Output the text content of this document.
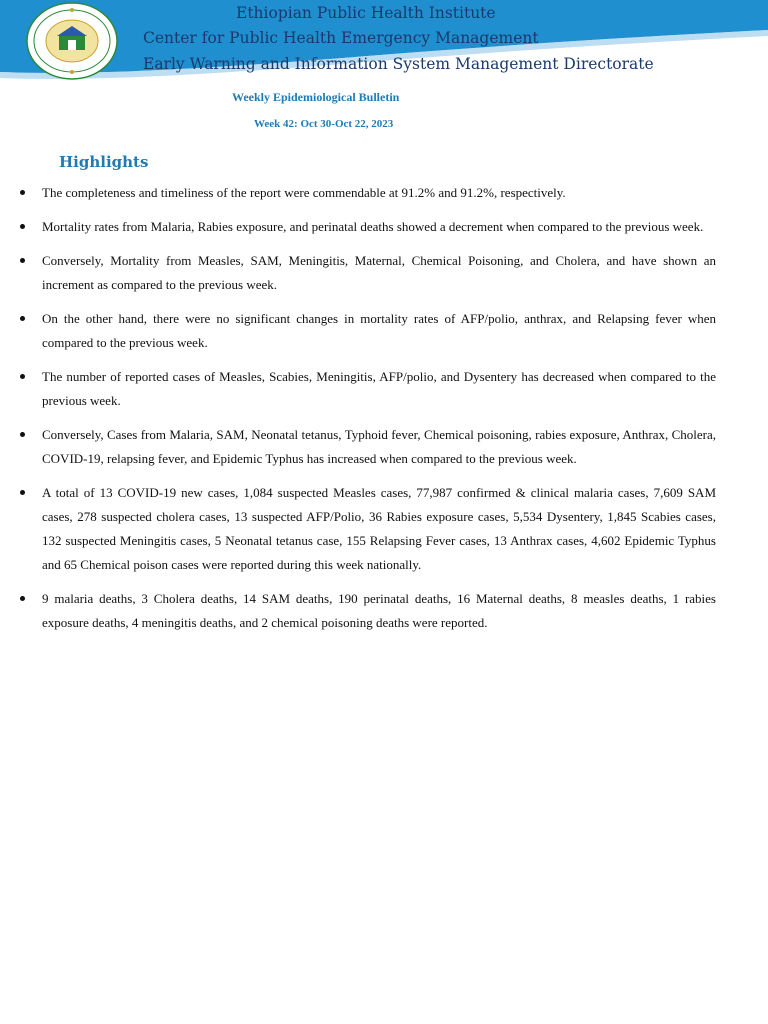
Ethiopian Public Health Institute
Center for Public Health Emergency Management
Early Warning and Information System Management Directorate
Weekly Epidemiological Bulletin
Week 42: Oct 30-Oct 22, 2023
Highlights
The completeness and timeliness of the report were commendable at 91.2% and 91.2%, respectively.
Mortality rates from Malaria, Rabies exposure, and perinatal deaths showed a decrement when compared to the previous week.
Conversely, Mortality from Measles, SAM, Meningitis, Maternal, Chemical Poisoning, and Cholera, and have shown an increment as compared to the previous week.
On the other hand, there were no significant changes in mortality rates of AFP/polio, anthrax, and Relapsing fever when compared to the previous week.
The number of reported cases of Measles, Scabies, Meningitis, AFP/polio, and Dysentery has decreased when compared to the previous week.
Conversely, Cases from Malaria, SAM, Neonatal tetanus, Typhoid fever, Chemical poisoning, rabies exposure, Anthrax, Cholera, COVID-19, relapsing fever, and Epidemic Typhus has increased when compared to the previous week.
A total of 13 COVID-19 new cases, 1,084 suspected Measles cases, 77,987 confirmed & clinical malaria cases, 7,609 SAM cases, 278 suspected cholera cases, 13 suspected AFP/Polio, 36 Rabies exposure cases, 5,534 Dysentery, 1,845 Scabies cases, 132 suspected Meningitis cases, 5 Neonatal tetanus case, 155 Relapsing Fever cases, 13 Anthrax cases, 4,602 Epidemic Typhus and 65 Chemical poison cases were reported during this week nationally.
9 malaria deaths, 3 Cholera deaths, 14 SAM deaths, 190 perinatal deaths, 16 Maternal deaths, 8 measles deaths, 1 rabies exposure deaths, 4 meningitis deaths, and 2 chemical poisoning deaths were reported.
